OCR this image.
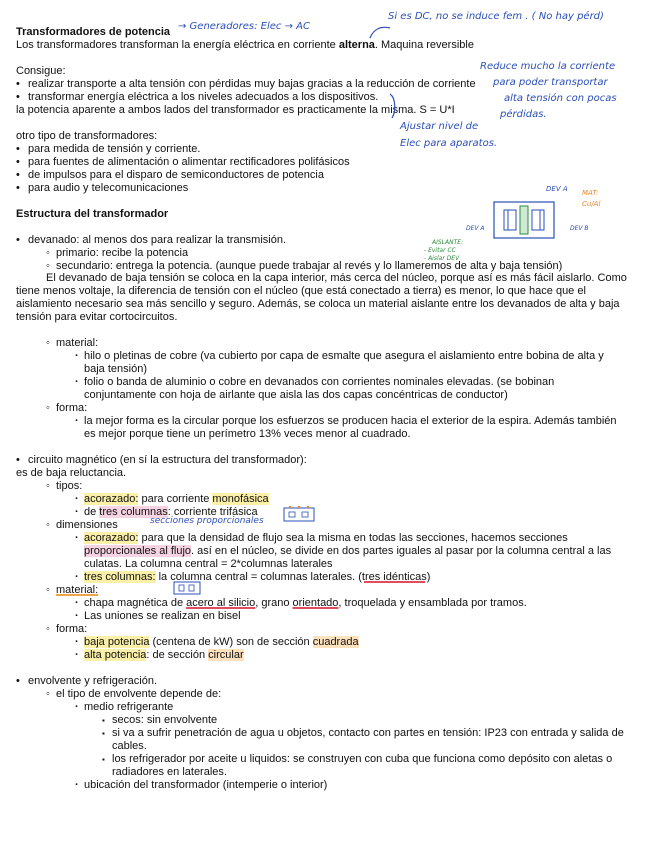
Transformadores de potencia → Generadores: Elec → AC
Si es DC, no se induce fem . ( No hay pérd)
Los transformadores transforman la energía eléctrica en corriente alterna. Maquina reversible
Consigue:
• realizar transporte a alta tensión con pérdidas muy bajas gracias a la reducción de corriente
• transformar energía eléctrica a los niveles adecuados a los dispositivos.
la potencia aparente a ambos lados del transformador es practicamente la misma. S = U*I
Reduce mucho la corriente
para poder transportar
alta tensión con pocas
pérdidas.
Ajustar nivel de
Elec para aparatos.
otro tipo de transformadores:
• para medida de tensión y corriente.
• para fuentes de alimentación o alimentar rectificadores polifásicos
• de impulsos para el disparo de semiconductores de potencia
• para audio y telecomunicaciones
Estructura del transformador
DEV A MAT:
Cu/Al
DEV A	DEV B
AISLANTE:
- Evitar CC
- Aislar DEV
• devanado: al menos dos para realizar la transmisión.
◦ primario: recibe la potencia
◦ secundario: entrega la potencia. (aunque puede trabajar al revés y lo llameremos de alta y baja tensión)
El devanado de baja tensión se coloca en la capa interior, más cerca del núcleo, porque así es más fácil aislarlo. Como tiene menos voltaje, la diferencia de tensión con el núcleo (que está conectado a tierra) es menor, lo que hace que el aislamiento necesario sea más sencillo y seguro. Además, se coloca un material aislante entre los devanados de alta y baja tensión para evitar cortocircuitos.
◦ material:
· hilo o pletinas de cobre (va cubierto por capa de esmalte que asegura el aislamiento entre bobina de alta y baja tensión)
· folio o banda de aluminio o cobre en devanados con corrientes nominales elevadas. (se bobinan conjuntamente con hoja de airlante que aisla las dos capas concéntricas de conductor)
◦ forma:
· la mejor forma es la circular porque los esfuerzos se producen hacia el exterior de la espira. Además también es mejor porque tiene un perímetro 13% veces menor al cuadrado.
• circuito magnético (en sí la estructura del transformador):
es de baja reluctancia.
◦ tipos:
· acorazado: para corriente monofásica
· de tres columnas: corriente trifásica
◦ dimensiones	secciones proporcionales
· acorazado: para que la densidad de flujo sea la misma en todas las secciones, hacemos secciones proporcionales al flujo. así en el núcleo, se divide en dos partes iguales al pasar por la columna central a las culatas. La columna central = 2*columnas laterales
· tres columnas: la columna central = columnas laterales. (tres idénticas)
◦ material:
· chapa magnética de acero al silicio, grano orientado, troquelada y ensamblada por tramos.
· Las uniones se realizan en bisel
◦ forma:
· baja potencia (centena de kW) son de sección cuadrada
· alta potencia: de sección circular
• envolvente y refrigeración.
◦ el tipo de envolvente depende de:
· medio refrigerante
▪ secos: sin envolvente
▪ si va a sufrir penetración de agua u objetos, contacto con partes en tensión: IP23 con entrada y salida de cables.
▪ los refrigerador por aceite u liquidos: se construyen con cuba que funciona como depósito con aletas o radiadores en laterales.
· ubicación del transformador (intemperie o interior)
